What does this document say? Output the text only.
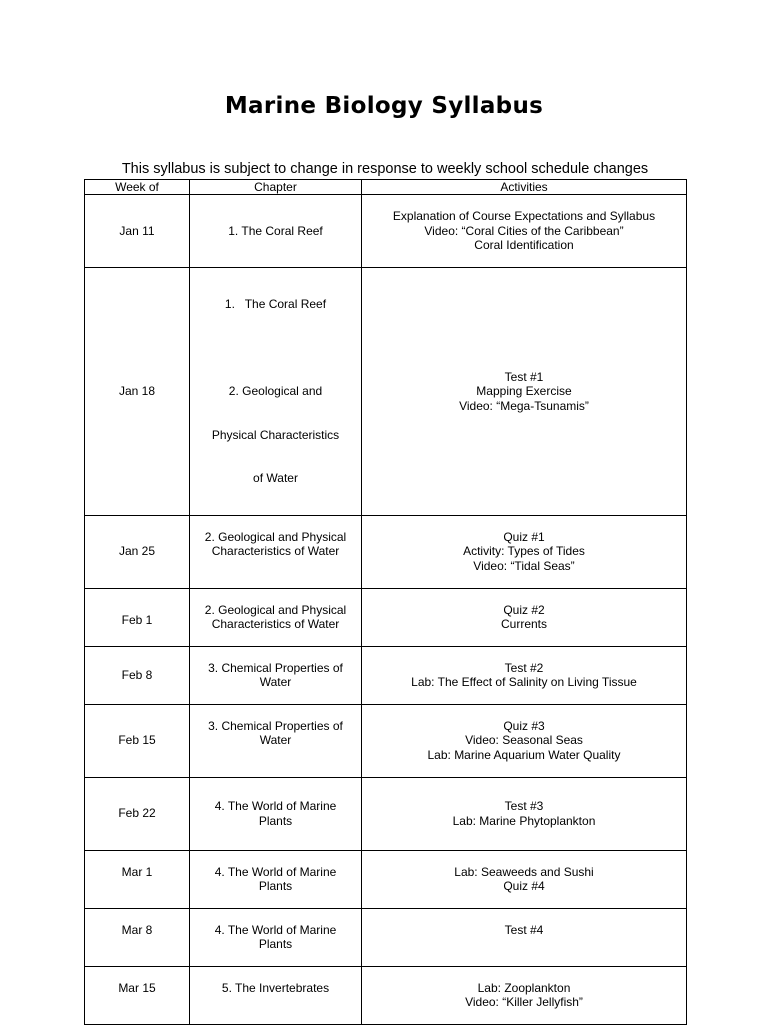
Marine Biology Syllabus
This syllabus is subject to change in response to weekly school schedule changes
Week of	Chapter	Activities
Jan 11	1. The Coral Reef	Explanation of Course Expectations and Syllabus
Video: “Coral Cities of the Caribbean”
Coral Identification

Jan 18	1.   The Coral Reef

2. Geological and

Physical Characteristics

of Water	Test #1
Mapping Exercise
Video: “Mega-Tsunamis”

Jan 25	2. Geological and Physical
Characteristics of Water	Quiz #1
Activity: Types of Tides
Video: “Tidal Seas”

Feb 1	2. Geological and Physical
Characteristics of Water	Quiz #2
Currents

Feb 8	3. Chemical Properties of
Water	Test #2
Lab: The Effect of Salinity on Living Tissue

Feb 15	3. Chemical Properties of
Water	Quiz #3
Video: Seasonal Seas
Lab: Marine Aquarium Water Quality

Feb 22	4. The World of Marine
Plants	Test #3
Lab: Marine Phytoplankton

Mar 1	4. The World of Marine
Plants	Lab: Seaweeds and Sushi
Quiz #4

Mar 8	4. The World of Marine
Plants	Test #4

Mar 15	5. The Invertebrates	Lab: Zooplankton
Video: “Killer Jellyfish”
